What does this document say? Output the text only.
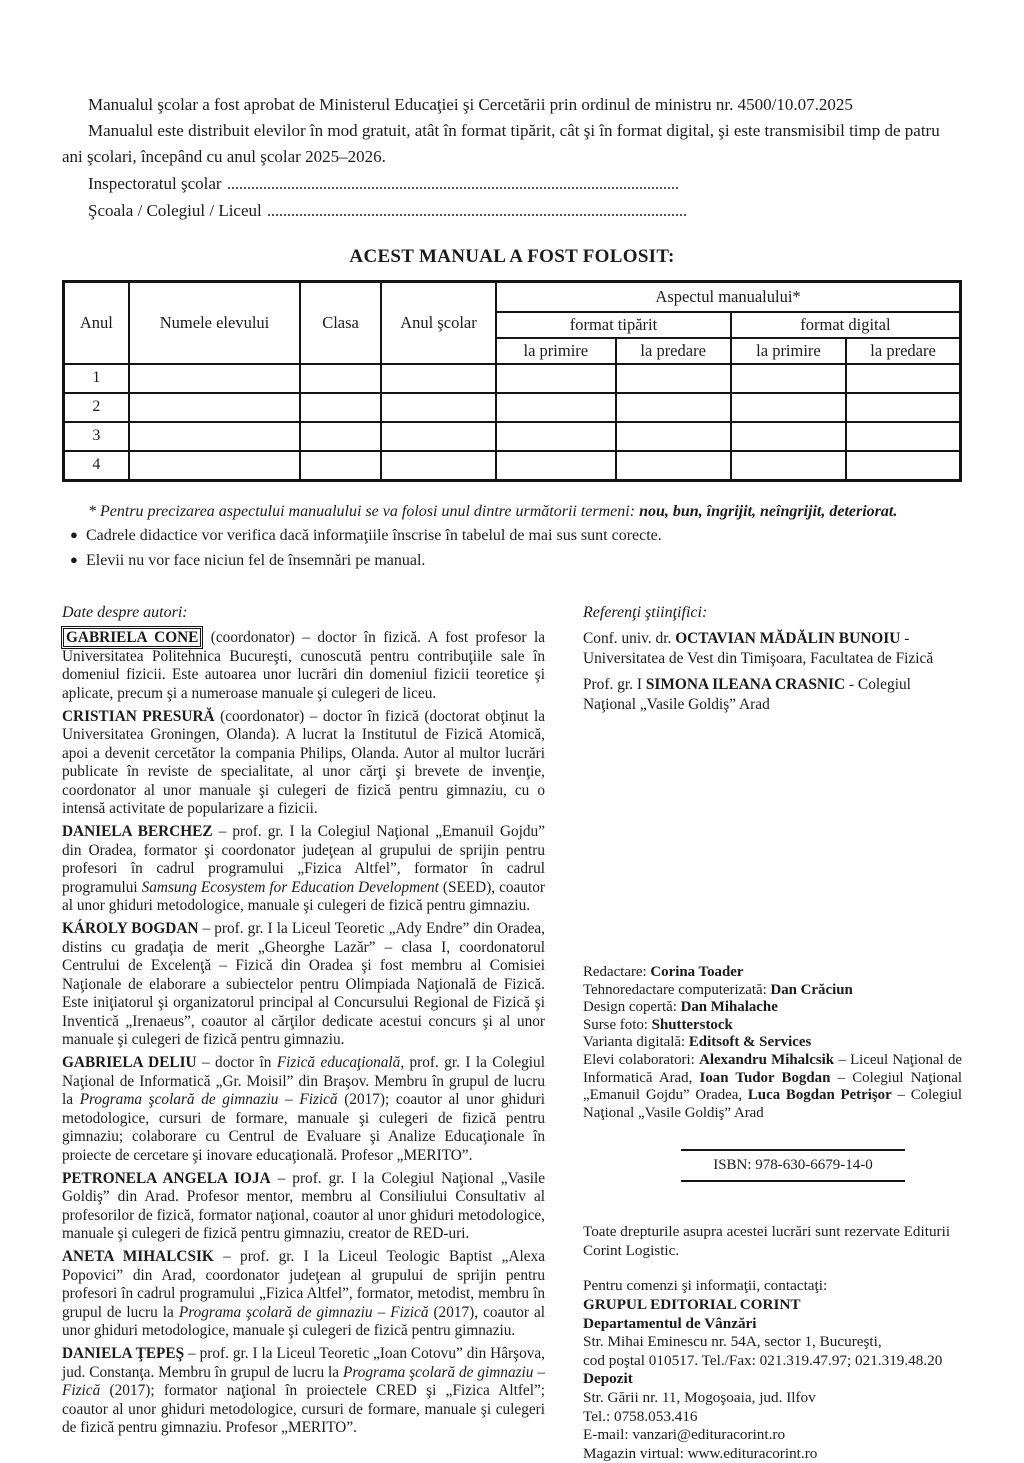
Manualul şcolar a fost aprobat de Ministerul Educaţiei şi Cercetării prin ordinul de ministru nr. 4500/10.07.2025

Manualul este distribuit elevilor în mod gratuit, atât în format tipărit, cât şi în format digital, şi este transmisibil timp de patru ani şcolari, începând cu anul şcolar 2025–2026.

Inspectoratul şcolar
Şcoala / Colegiul / Liceul
ACEST MANUAL A FOST FOLOSIT:
Anul	Numele elevului	Clasa	Anul şcolar	Aspectul manualului*			
				format tipărit		format digital	
				la primire	la predare	la primire	la predare
1							
2							
3							
4							
* Pentru precizarea aspectului manualului se va folosi unul dintre următorii termeni: nou, bun, îngrijit, neîngrijit, deteriorat.
● Cadrele didactice vor verifica dacă informaţiile înscrise în tabelul de mai sus sunt corecte.
● Elevii nu vor face niciun fel de însemnări pe manual.

Date despre autori:

GABRIELA CONE (coordonator) – doctor în fizică. A fost profesor la Universitatea Politehnica Bucureşti, cunoscută pentru contribuţiile sale în domeniul fizicii. Este autoarea unor lucrări din domeniul fizicii teoretice şi aplicate, precum şi a numeroase manuale şi culegeri de liceu.

CRISTIAN PRESURĂ (coordonator) – doctor în fizică (doctorat obţinut la Universitatea Groningen, Olanda). A lucrat la Institutul de Fizică Atomică, apoi a devenit cercetător la compania Philips, Olanda. Autor al multor lucrări publicate în reviste de specialitate, al unor cărţi şi brevete de invenţie, coordonator al unor manuale şi culegeri de fizică pentru gimnaziu, cu o intensă activitate de popularizare a fizicii.

DANIELA BERCHEZ – prof. gr. I la Colegiul Naţional „Emanuil Gojdu” din Oradea, formator şi coordonator judeţean al grupului de sprijin pentru profesori în cadrul programului „Fizica Altfel”, formator în cadrul programului Samsung Ecosystem for Education Development (SEED), coautor al unor ghiduri metodologice, manuale şi culegeri de fizică pentru gimnaziu.

KÁROLY BOGDAN – prof. gr. I la Liceul Teoretic „Ady Endre” din Oradea, distins cu gradaţia de merit „Gheorghe Lazăr” – clasa I, coordonatorul Centrului de Excelenţă – Fizică din Oradea şi fost membru al Comisiei Naţionale de elaborare a subiectelor pentru Olimpiada Naţională de Fizică. Este iniţiatorul şi organizatorul principal al Concursului Regional de Fizică şi Inventică „Irenaeus”, coautor al cărţilor dedicate acestui concurs şi al unor manuale şi culegeri de fizică pentru gimnaziu.

GABRIELA DELIU – doctor în Fizică educaţională, prof. gr. I la Colegiul Naţional de Informatică „Gr. Moisil” din Braşov. Membru în grupul de lucru la Programa şcolară de gimnaziu – Fizică (2017); coautor al unor ghiduri metodologice, cursuri de formare, manuale şi culegeri de fizică pentru gimnaziu; colaborare cu Centrul de Evaluare şi Analize Educaţionale în proiecte de cercetare şi inovare educaţională. Profesor „MERITO”.

PETRONELA ANGELA IOJA – prof. gr. I la Colegiul Naţional „Vasile Goldiş” din Arad. Profesor mentor, membru al Consiliului Consultativ al profesorilor de fizică, formator naţional, coautor al unor ghiduri metodologice, manuale şi culegeri de fizică pentru gimnaziu, creator de RED-uri.

ANETA MIHALCSIK – prof. gr. I la Liceul Teologic Baptist „Alexa Popovici” din Arad, coordonator judeţean al grupului de sprijin pentru profesori în cadrul programului „Fizica Altfel”, formator, metodist, membru în grupul de lucru la Programa şcolară de gimnaziu – Fizică (2017), coautor al unor ghiduri metodologice, manuale şi culegeri de fizică pentru gimnaziu.

DANIELA ŢEPEŞ – prof. gr. I la Liceul Teoretic „Ioan Cotovu” din Hârşova, jud. Constanţa. Membru în grupul de lucru la Programa şcolară de gimnaziu – Fizică (2017); formator naţional în proiectele CRED şi „Fizica Altfel”; coautor al unor ghiduri metodologice, cursuri de formare, manuale şi culegeri de fizică pentru gimnaziu. Profesor „MERITO”.

Referenţi ştiinţifici:

Conf. univ. dr. OCTAVIAN MĂDĂLIN BUNOIU - Universitatea de Vest din Timişoara, Facultatea de Fizică

Prof. gr. I SIMONA ILEANA CRASNIC - Colegiul Naţional „Vasile Goldiş” Arad

Redactare: Corina Toader

Tehnoredactare computerizată: Dan Crăciun

Design copertă: Dan Mihalache

Surse foto: Shutterstock

Varianta digitală: Editsoft & Services

Elevi colaboratori: Alexandru Mihalcsik – Liceul Naţional de Informatică Arad, Ioan Tudor Bogdan – Colegiul Naţional „Emanuil Gojdu” Oradea, Luca Bogdan Petrişor – Colegiul Naţional „Vasile Goldiş” Arad

ISBN: 978-630-6679-14-0

Toate drepturile asupra acestei lucrări sunt rezervate Editurii Corint Logistic.

Pentru comenzi şi informaţii, contactaţi:

GRUPUL EDITORIAL CORINT

Departamentul de Vânzări

Str. Mihai Eminescu nr. 54A, sector 1, Bucureşti,

cod poştal 010517. Tel./Fax: 021.319.47.97; 021.319.48.20

Depozit

Str. Gării nr. 11, Mogoşoaia, jud. Ilfov

Tel.: 0758.053.416

E-mail: vanzari@edituracorint.ro

Magazin virtual: www.edituracorint.ro
